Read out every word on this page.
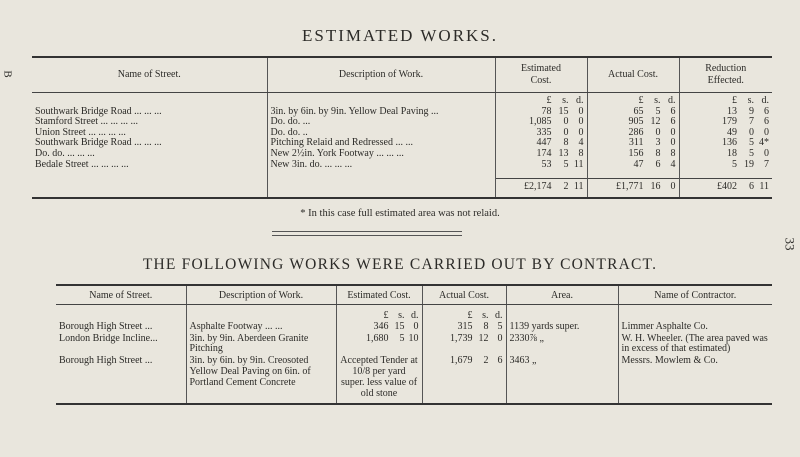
ESTIMATED WORKS.
B
33
Name of Street.	Description of Work.	Estimated Cost.	Actual Cost.	Reduction Effected.

		£ s. d.	£ s. d.	£ s. d.
Southwark Bridge Road ... ... ...	3in. by 6in. by 9in. Yellow Deal Paving ...	78 15 0	65 5 6	13 9 6
Stamford Street ... ... ... ...	Do. do. ...	1,085 0 0	905 12 6	179 7 6
Union Street ... ... ... ...	Do. do. ..	335 0 0	286 0 0	49 0 0
Southwark Bridge Road ... ... ...	Pitching Relaid and Redressed ... ...	447 8 4	311 3 0	136 5 4*
Do. do. ... ... ...	New 2½in. York Footway ... ... ...	174 13 8	156 8 8	18 5 0
Bedale Street ... ... ... ...	New 3in. do. ... ... ...	53 5 11	47 6 4	5 19 7
		£2,174 2 11	£1,771 16 0	£402 6 11

* In this case full estimated area was not relaid.
THE FOLLOWING WORKS WERE CARRIED OUT BY CONTRACT.
Name of Street.	Description of Work.	Estimated Cost.	Actual Cost.	Area.	Name of Contractor.
		£ s. d.	£ s. d.		
Borough High Street ...	Asphalte Footway ... ...	346 15 0	315 8 5	1139 yards super.	Limmer Asphalte Co.
London Bridge Incline...	3in. by 9in. Aberdeen Granite Pitching	1,680 5 10	1,739 12 0	2330⅞ „	W. H. Wheeler. (The area paved was in excess of that estimated)
Borough High Street ...	3in. by 6in. by 9in. Creosoted Yellow Deal Paving on 6in. of Portland Cement Concrete	Accepted Tender at 10/8 per yard super. less value of old stone	1,679 2 6	3463 „	Messrs. Mowlem & Co.
